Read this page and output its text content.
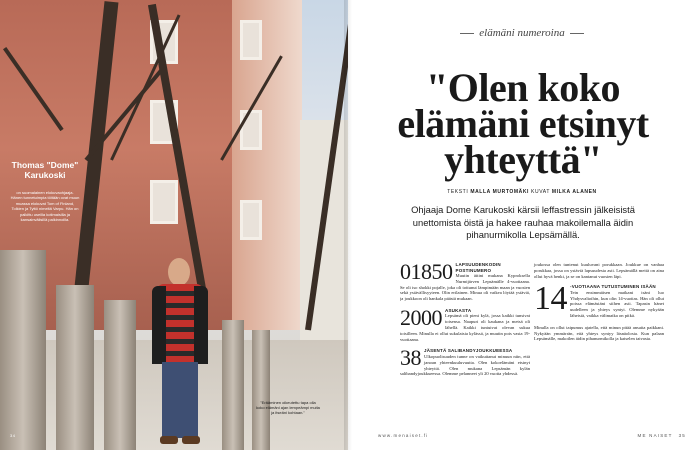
Thomas "Dome" Karukoski
on suomalainen elokuvaohjaaja. Hänen tunnetuimpia töitään ovat muun muassa elokuvat Tom of Finland, Tolkien ja Tyttö nimeltä Varpu. Hän on palkittu useilla kotimaisilla ja kansainvälisillä palkinnoilla.
"Erääminen oikeutettu tapa olla koko elämäni ajan lempeämpi muita ja itseäni kohtaan."
34
elämäni numeroina
"Olen koko
elämäni etsinyt
yhteyttä"
TEKSTI MALLA MURTOMÄKI KUVAT MILKA ALANEN

Ohjaaja Dome Karukoski kärsii leffastressin jälkeisistä unettomista öistä ja hakee rauhaa makoilemalla äidin pihanurmikolla Lepsämällä.

01850 LAPSUUDENKODIN POSTINUMERO
Muutin äitini mukana Kyproksella Nurmijärven Lepsämälle 4-vuotiaana. Se oli iso shokki pojalle, joka oli tottunut lämpimään maan ja vuosien sekä ystävällisyyteen. Olin erilainen. Minua oli vaikea löytää ystäviä, ja joukkoon oli hankala päästä mukaan.
2000 ASUKASTA
Lepsämä oli pieni kylä, jossa kaikki tunsivat toisensa. Naapuri oli kaukana ja metsä oli lähellä. Kaikki tuntuivat olevan sukua toisilleen. Minulla ei ollut sukulaisia kylässä, ja muutin pois vasta 19-vuotiaana.
38 JÄSENTÄ SALIBANDYJOUKKUEESSA
Ulkopuolisuuden tunne on vaikuttanut minuun niin, että janoan yhteenkuuluvuutta. Olen kokoelämäni etsinyt yhteyttä. Olen mukana Lepsämän kylän salibandyjoukkueessa. Olemme pelanneet yli 20 vuotta yhdessä.

joukossa olen tuntenut kuuluvani porukkaan. Joukkue on vanhaa porukkaa, jossa on ystäviä lapsuudesta asti. Lepsämällä meitä on aina ollut hyvä henki, ja se on kantanut vuosien läpi.

14 -VUOTIAANA TUTUSTUMINEN ISÄÄN
Tein ensimmäisen matkani isäni luo Yhdysvaltoihin, kun olin 14-vuotias. Hän oli ollut poissa elämästäni siihen asti. Tapasin hänet uudelleen ja yhteys syntyi. Olemme nykyään läheisiä, vaikka välimatka on pitkä.

Minulla on ollut taipumus ajatella, että minun pitää ansaita paikkani. Nykyään ymmärrän, että yhteys syntyy läsnäolosta. Kun palaan Lepsämälle, makoilen äidin pihanurmikolla ja katselen taivasta.

www.menaiset.fi	ME NAISET 35
